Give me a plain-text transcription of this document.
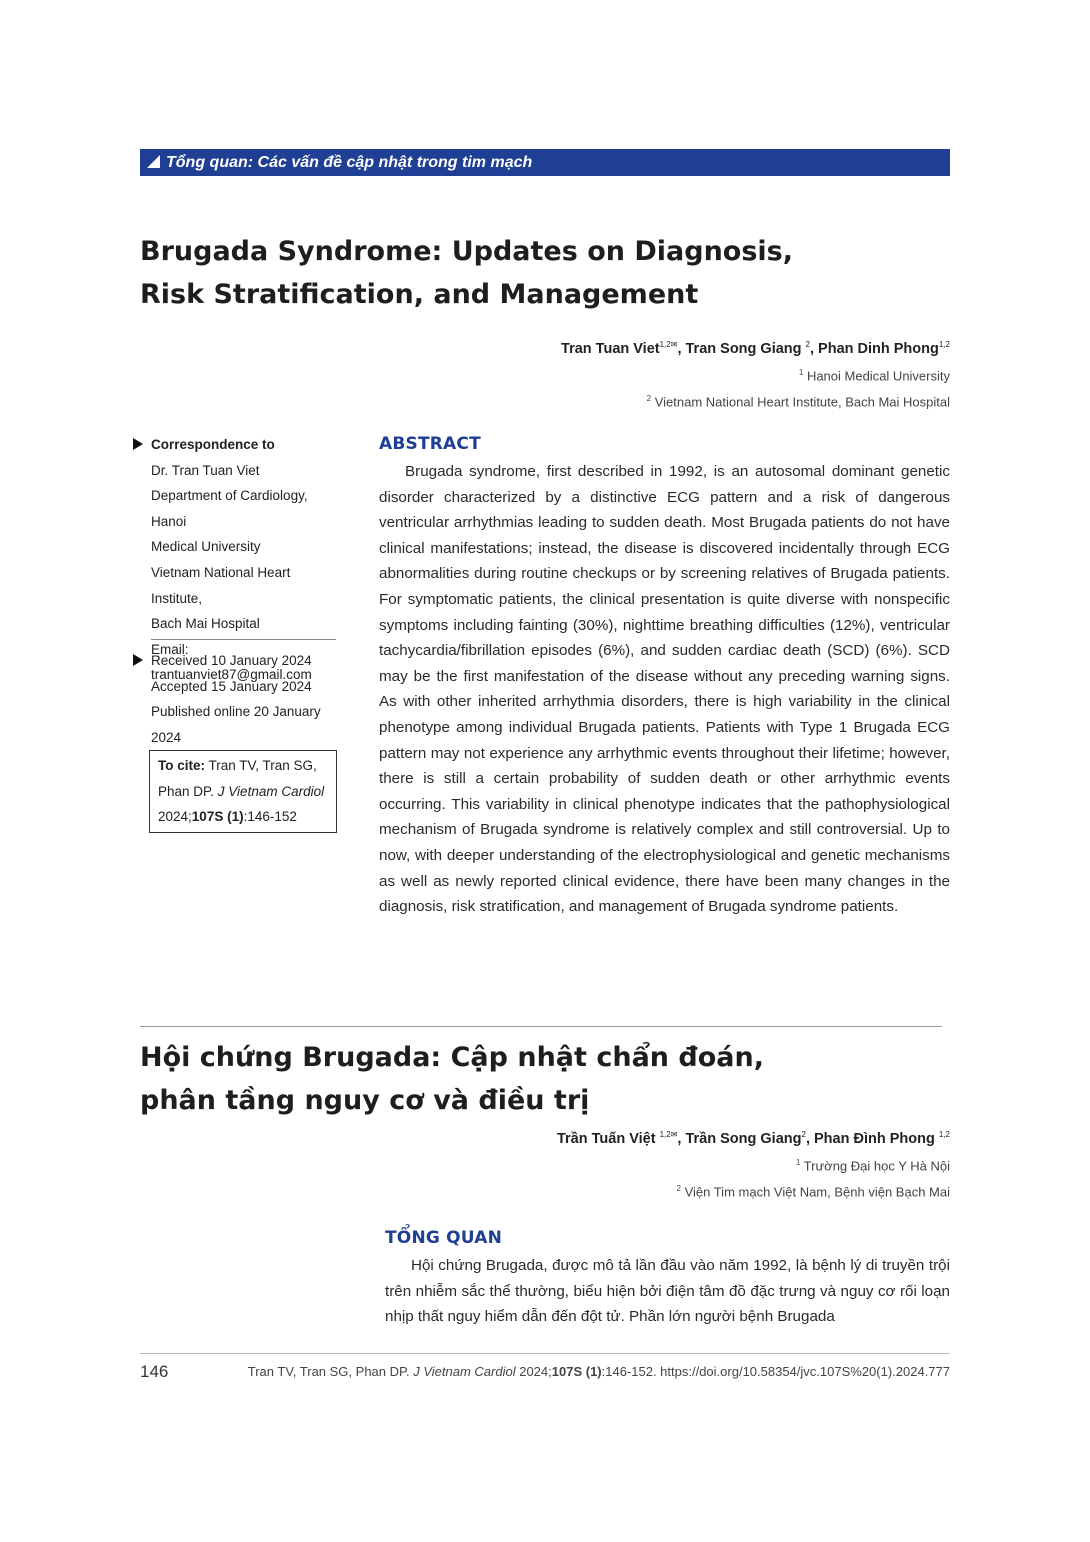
Tổng quan: Các vấn đề cập nhật trong tim mạch
Brugada Syndrome: Updates on Diagnosis,
Risk Stratification, and Management
Tran Tuan Viet$^{1,2✉}$, Tran Song Giang $^2$, Phan Dinh Phong$^{1,2}$
$^1$ Hanoi Medical University
$^2$ Vietnam National Heart Institute, Bach Mai Hospital
Correspondence to
Dr. Tran Tuan Viet
Department of Cardiology, Hanoi
Medical University
Vietnam National Heart Institute,
Bach Mai Hospital
Email: trantuanviet87@gmail.com
Received 10 January 2024
Accepted 15 January 2024
Published online 20 January 2024
To cite: Tran TV, Tran SG, Phan DP. J Vietnam Cardiol 2024;107S (1):146-152
ABSTRACT

Brugada syndrome, first described in 1992, is an autosomal dominant genetic disorder characterized by a distinctive ECG pattern and a risk of dangerous ventricular arrhythmias leading to sudden death. Most Brugada patients do not have clinical manifestations; instead, the disease is discovered incidentally through ECG abnormalities during routine checkups or by screening relatives of Brugada patients. For symptomatic patients, the clinical presentation is quite diverse with nonspecific symptoms including fainting (30%), nighttime breathing difficulties (12%), ventricular tachycardia/fibrillation episodes (6%), and sudden cardiac death (SCD) (6%). SCD may be the first manifestation of the disease without any preceding warning signs. As with other inherited arrhythmia disorders, there is high variability in the clinical phenotype among individual Brugada patients. Patients with Type 1 Brugada ECG pattern may not experience any arrhythmic events throughout their lifetime; however, there is still a certain probability of sudden death or other arrhythmic events occurring. This variability in clinical phenotype indicates that the pathophysiological mechanism of Brugada syndrome is relatively complex and still controversial. Up to now, with deeper understanding of the electrophysiological and genetic mechanisms as well as newly reported clinical evidence, there have been many changes in the diagnosis, risk stratification, and management of Brugada syndrome patients.

Hội chứng Brugada: Cập nhật chẩn đoán,
phân tầng nguy cơ và điều trị
Trần Tuấn Việt $^{1,2✉}$, Trần Song Giang$^2$, Phan Đình Phong $^{1,2}$
$^1$ Trường Đại học Y Hà Nội
$^2$ Viện Tim mạch Việt Nam, Bệnh viện Bạch Mai
TỔNG QUAN

Hội chứng Brugada, được mô tả lần đầu vào năm 1992, là bệnh lý di truyền trội trên nhiễm sắc thể thường, biểu hiện bởi điện tâm đồ đặc trưng và nguy cơ rối loạn nhịp thất nguy hiểm dẫn đến đột tử. Phần lớn người bệnh Brugada

146	Tran TV, Tran SG, Phan DP. J Vietnam Cardiol 2024;107S (1):146-152. https://doi.org/10.58354/jvc.107S%20(1).2024.777
